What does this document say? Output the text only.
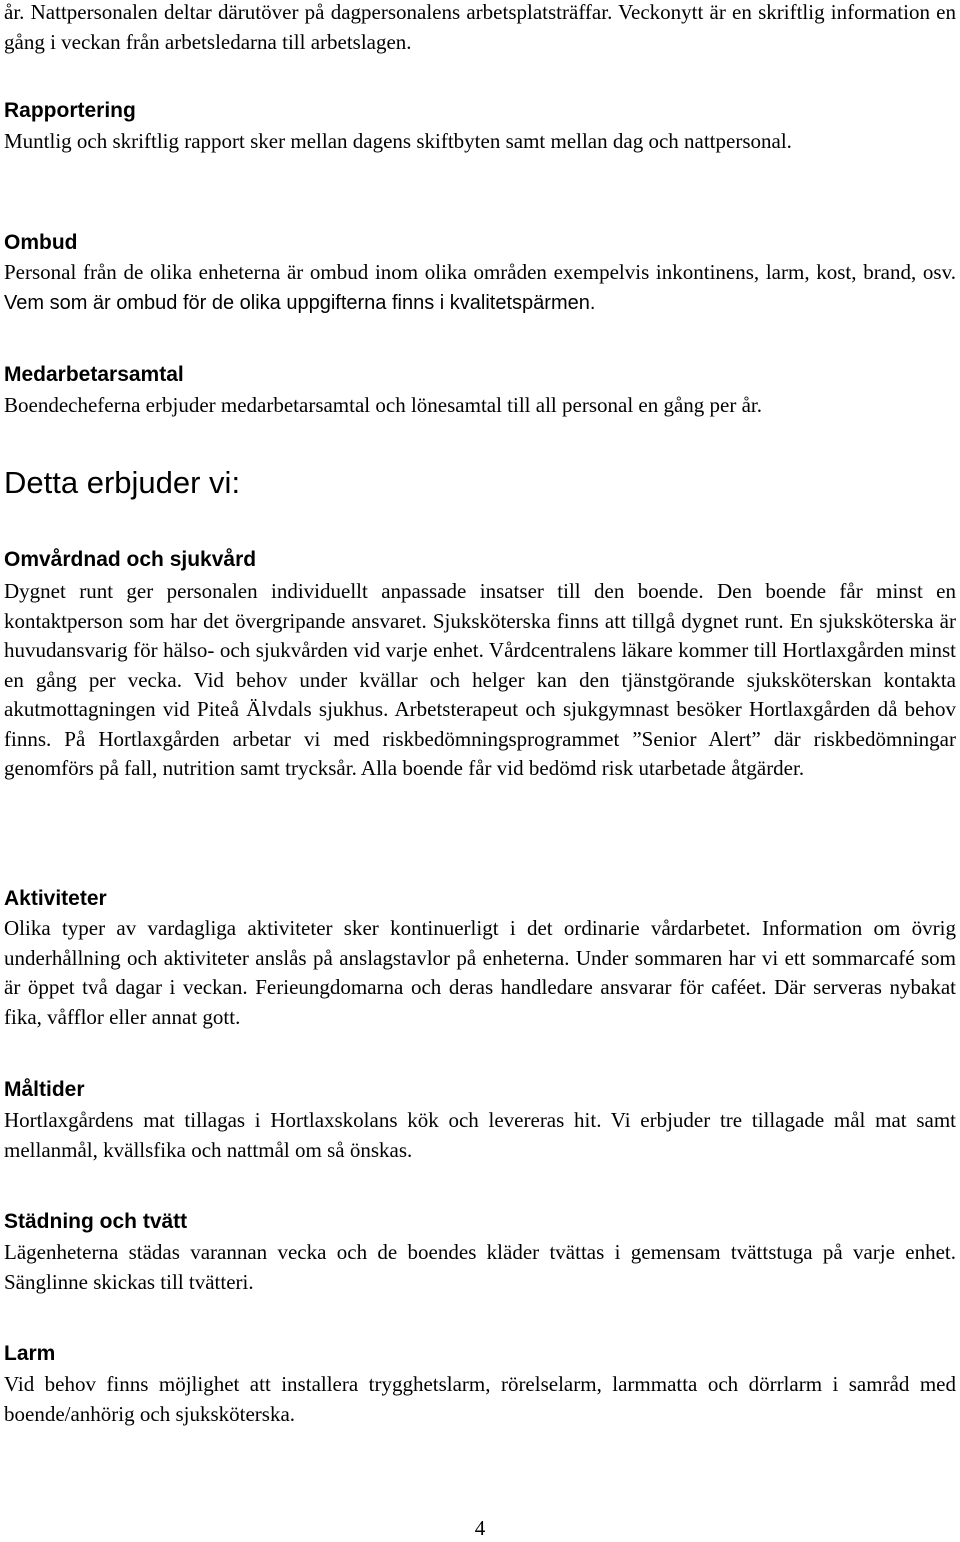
år. Nattpersonalen deltar därutöver på dagpersonalens arbetsplatsträffar. Veckonytt är en skriftlig information en gång i veckan från arbetsledarna till arbetslagen.

Rapportering

Muntlig och skriftlig rapport sker mellan dagens skiftbyten samt mellan dag och nattpersonal.

Ombud

Personal från de olika enheterna är ombud inom olika områden exempelvis inkontinens, larm, kost, brand, osv. Vem som är ombud för de olika uppgifterna finns i kvalitetspärmen.

Medarbetarsamtal

Boendecheferna erbjuder medarbetarsamtal och lönesamtal till all personal en gång per år.

Detta erbjuder vi:
Omvårdnad och sjukvård

Dygnet runt ger personalen individuellt anpassade insatser till den boende. Den boende får minst en kontaktperson som har det övergripande ansvaret. Sjuksköterska finns att tillgå dygnet runt. En sjuksköterska är huvudansvarig för hälso- och sjukvården vid varje enhet. Vårdcentralens läkare kommer till Hortlaxgården minst en gång per vecka. Vid behov under kvällar och helger kan den tjänstgörande sjuksköterskan kontakta akutmottagningen vid Piteå Älvdals sjukhus. Arbetsterapeut och sjukgymnast besöker Hortlaxgården då behov finns. På Hortlaxgården arbetar vi med riskbedömningsprogrammet ”Senior Alert” där riskbedömningar genomförs på fall, nutrition samt trycksår. Alla boende får vid bedömd risk utarbetade åtgärder.

Aktiviteter

Olika typer av vardagliga aktiviteter sker kontinuerligt i det ordinarie vårdarbetet. Information om övrig underhållning och aktiviteter anslås på anslagstavlor på enheterna. Under sommaren har vi ett sommarcafé som är öppet två dagar i veckan. Ferieungdomarna och deras handledare ansvarar för caféet. Där serveras nybakat fika, våfflor eller annat gott.

Måltider

Hortlaxgårdens mat tillagas i Hortlaxskolans kök och levereras hit. Vi erbjuder tre tillagade mål mat samt mellanmål, kvällsfika och nattmål om så önskas.

Städning och tvätt

Lägenheterna städas varannan vecka och de boendes kläder tvättas i gemensam tvättstuga på varje enhet. Sänglinne skickas till tvätteri.

Larm

Vid behov finns möjlighet att installera trygghetslarm, rörelselarm, larmmatta och dörrlarm i samråd med boende/anhörig och sjuksköterska.

4
